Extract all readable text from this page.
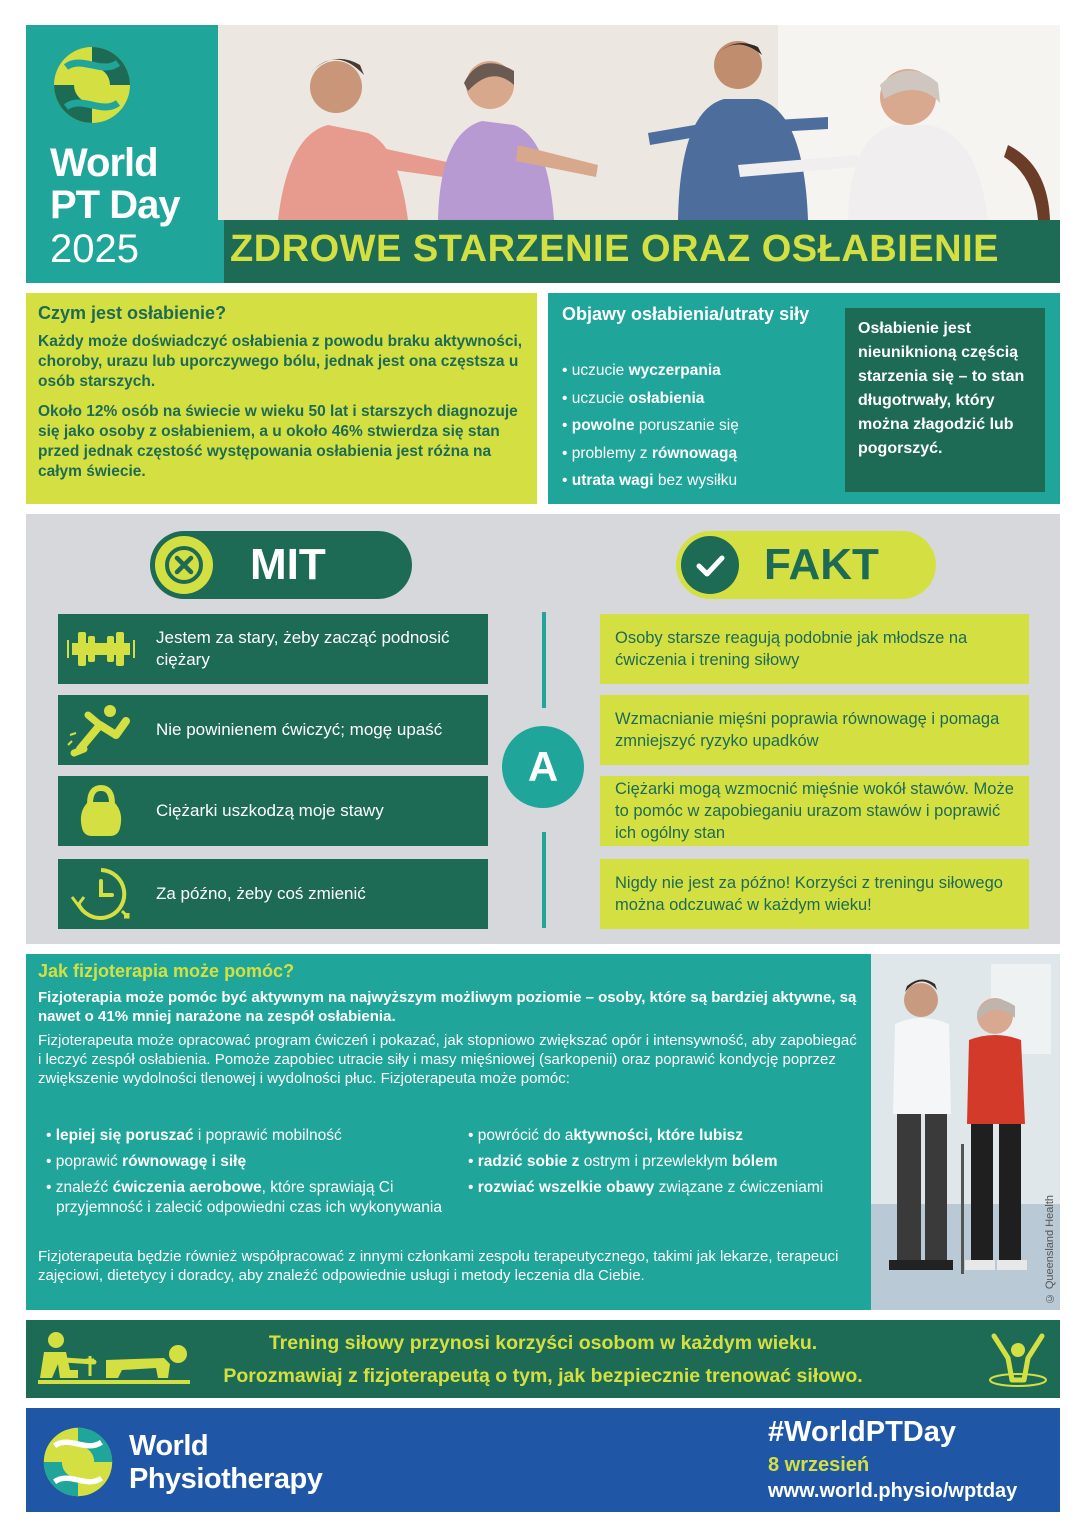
World
PT Day
2025 ZDROWE STARZENIE ORAZ OSŁABIENIE
Czym jest osłabienie?

Każdy może doświadczyć osłabienia z powodu braku aktywności, choroby, urazu lub uporczywego bólu, jednak jest ona częstsza u osób starszych.

Około 12% osób na świecie w wieku 50 lat i starszych diagnozuje się jako osoby z osłabieniem, a u około 46% stwierdza się stan przed jednak częstość występowania osłabienia jest różna na całym świecie.

Objawy osłabienia/utraty siły
• uczucie wyczerpania
• uczucie osłabienia
• powolne poruszanie się
• problemy z równowagą
• utrata wagi bez wysiłku
Osłabienie jest nieuniknioną częścią starzenia się – to stan długotrwały, który można złagodzić lub pogorszyć.
MIT	FAKT
Jestem za stary, żeby zacząć podnosić ciężary
Nie powinienem ćwiczyć; mogę upaść
Ciężarki uszkodzą moje stawy
Za późno, żeby coś zmienić
A
Osoby starsze reagują podobnie jak młodsze na ćwiczenia i trening siłowy
Wzmacnianie mięśni poprawia równowagę i pomaga zmniejszyć ryzyko upadków
Ciężarki mogą wzmocnić mięśnie wokół stawów. Może to pomóc w zapobieganiu urazom stawów i poprawić ich ogólny stan
Nigdy nie jest za późno! Korzyści z treningu siłowego można odczuwać w każdym wieku!
Jak fizjoterapia może pomóc?

Fizjoterapia może pomóc być aktywnym na najwyższym możliwym poziomie – osoby, które są bardziej aktywne, są nawet o 41% mniej narażone na zespół osłabienia.

Fizjoterapeuta może opracować program ćwiczeń i pokazać, jak stopniowo zwiększać opór i intensywność, aby zapobiegać i leczyć zespół osłabienia. Pomoże zapobiec utracie siły i masy mięśniowej (sarkopenii) oraz poprawić kondycję poprzez zwiększenie wydolności tlenowej i wydolności płuc. Fizjoterapeuta może pomóc:

• lepiej się poruszać i poprawić mobilność
• poprawić równowagę i siłę
• znaleźć ćwiczenia aerobowe, które sprawiają Ci przyjemność i zalecić odpowiedni czas ich wykonywania
• powrócić do aktywności, które lubisz
• radzić sobie z ostrym i przewlekłym bólem
• rozwiać wszelkie obawy związane z ćwiczeniami

Fizjoterapeuta będzie również współpracować z innymi członkami zespołu terapeutycznego, takimi jak lekarze, terapeuci zajęciowi, dietetycy i doradcy, aby znaleźć odpowiednie usługi i metody leczenia dla Ciebie.	© Queensland Health
Trening siłowy przynosi korzyści osobom w każdym wieku.
Porozmawiaj z fizjoterapeutą o tym, jak bezpiecznie trenować siłowo.
World
Physiotherapy
#WorldPTDay
8 wrzesień
www.world.physio/wptday
